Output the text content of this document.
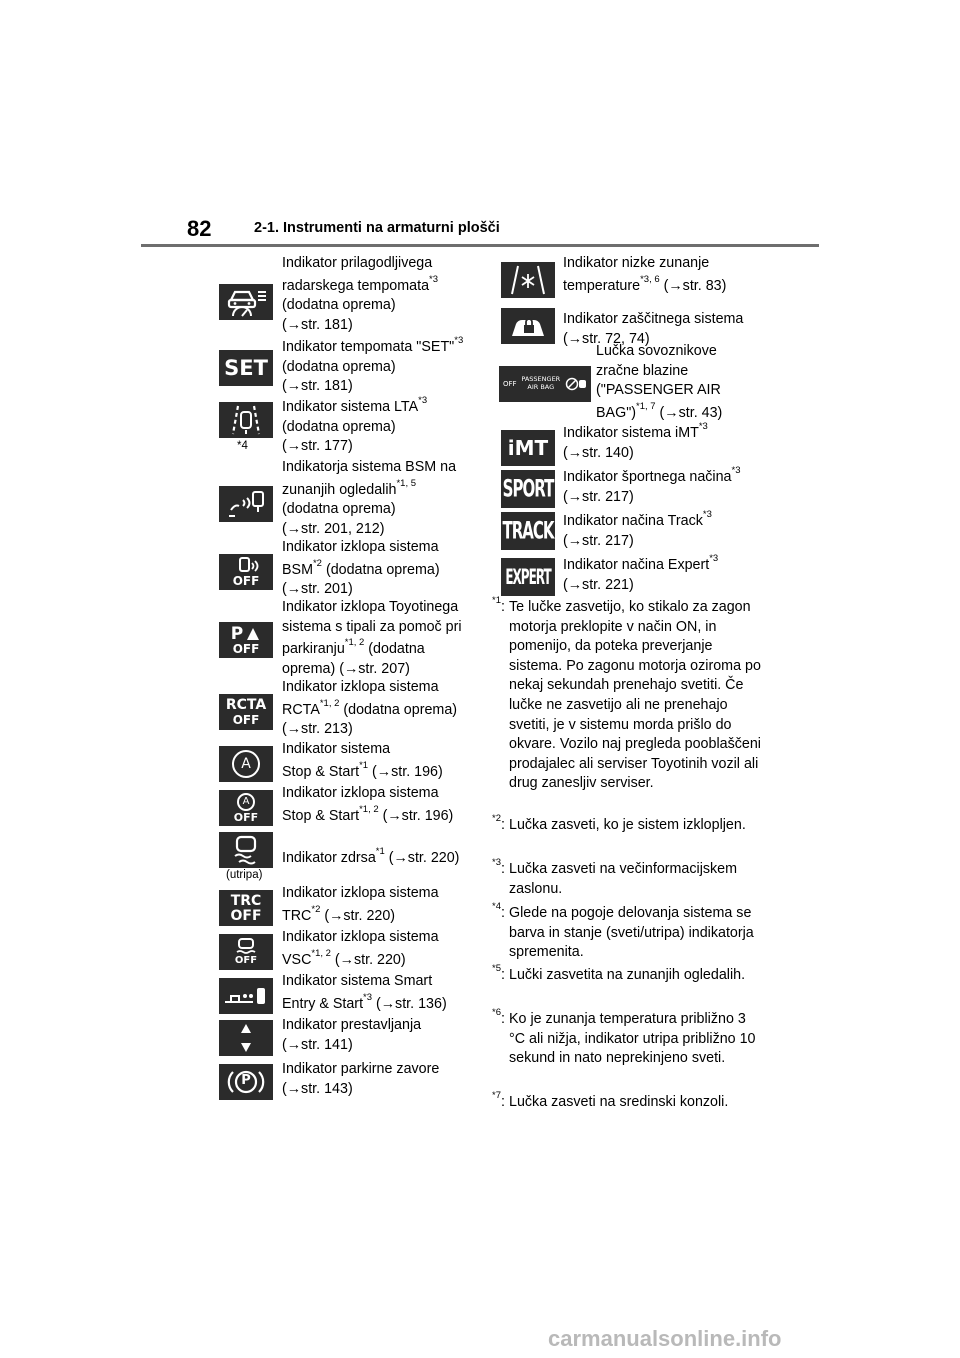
82	2-1. Instrumenti na armaturni plošči
Indikator prilagodljivega
radarskega tempomata$^{*3}$
(dodatna oprema)
(→str. 181)
SET
Indikator tempomata "SET"$^{*3}$
(dodatna oprema)
(→str. 181)
*4
Indikator sistema LTA$^{*3}$
(dodatna oprema)
(→str. 177)
Indikatorja sistema BSM na
zunanjih ogledalih$^{*1, 5}$
(dodatna oprema)
(→str. 201, 212)
OFF
Indikator izklopa sistema
BSM$^{*2}$ (dodatna oprema)
(→str. 201)
P
OFF
Indikator izklopa Toyotinega
sistema s tipali za pomoč pri
parkiranju$^{*1, 2}$ (dodatna
oprema) (→str. 207)
RCTA
OFF
Indikator izklopa sistema
RCTA$^{*1, 2}$ (dodatna oprema)
(→str. 213)
A
Indikator sistema
Stop & Start$^{*1}$ (→str. 196)
A
OFF
Indikator izklopa sistema
Stop & Start$^{*1, 2}$ (→str. 196)
(utripa)
Indikator zdrsa$^{*1}$ (→str. 220)
TRC
OFF
Indikator izklopa sistema
TRC$^{*2}$ (→str. 220)
OFF
Indikator izklopa sistema
VSC$^{*1, 2}$ (→str. 220)
Indikator sistema Smart
Entry & Start$^{*3}$ (→str. 136)
Indikator prestavljanja
(→str. 141)
P
Indikator parkirne zavore
(→str. 143)
Indikator nizke zunanje
temperature$^{*3, 6}$ (→str. 83)
Indikator zaščitnega sistema
(→str. 72, 74)
OFF
PASSENGER
AIR BAG
Lučka sovoznikove
zračne blazine
("PASSENGER AIR
BAG")$^{*1, 7}$ (→str. 43)
iMT
Indikator sistema iMT$^{*3}$
(→str. 140)
SPORT Indikator športnega načina$^{*3}$
(→str. 217)
TRACK Indikator načina Track$^{*3}$
(→str. 217)
EXPERT Indikator načina Expert$^{*3}$
(→str. 221)
$^{*1}$: Te lučke zasvetijo, ko stikalo za zagon motorja preklopite v način ON, in pomenijo, da poteka preverjanje sistema. Po zagonu motorja oziroma po nekaj sekundah prenehajo svetiti. Če lučke ne zasvetijo ali ne prenehajo svetiti, je v sistemu morda prišlo do okvare. Vozilo naj pregleda pooblaščeni prodajalec ali serviser Toyotinih vozil ali drug zanesljiv serviser.
$^{*2}$: Lučka zasveti, ko je sistem izklopljen.
$^{*3}$: Lučka zasveti na večinformacijskem zaslonu.
$^{*4}$: Glede na pogoje delovanja sistema se barva in stanje (sveti/utripa) indikatorja spremenita.
$^{*5}$: Lučki zasvetita na zunanjih ogledalih.
$^{*6}$: Ko je zunanja temperatura približno 3 °C ali nižja, indikator utripa približno 10 sekund in nato neprekinjeno sveti.
$^{*7}$: Lučka zasveti na sredinski konzoli.
carmanualsonline.info
